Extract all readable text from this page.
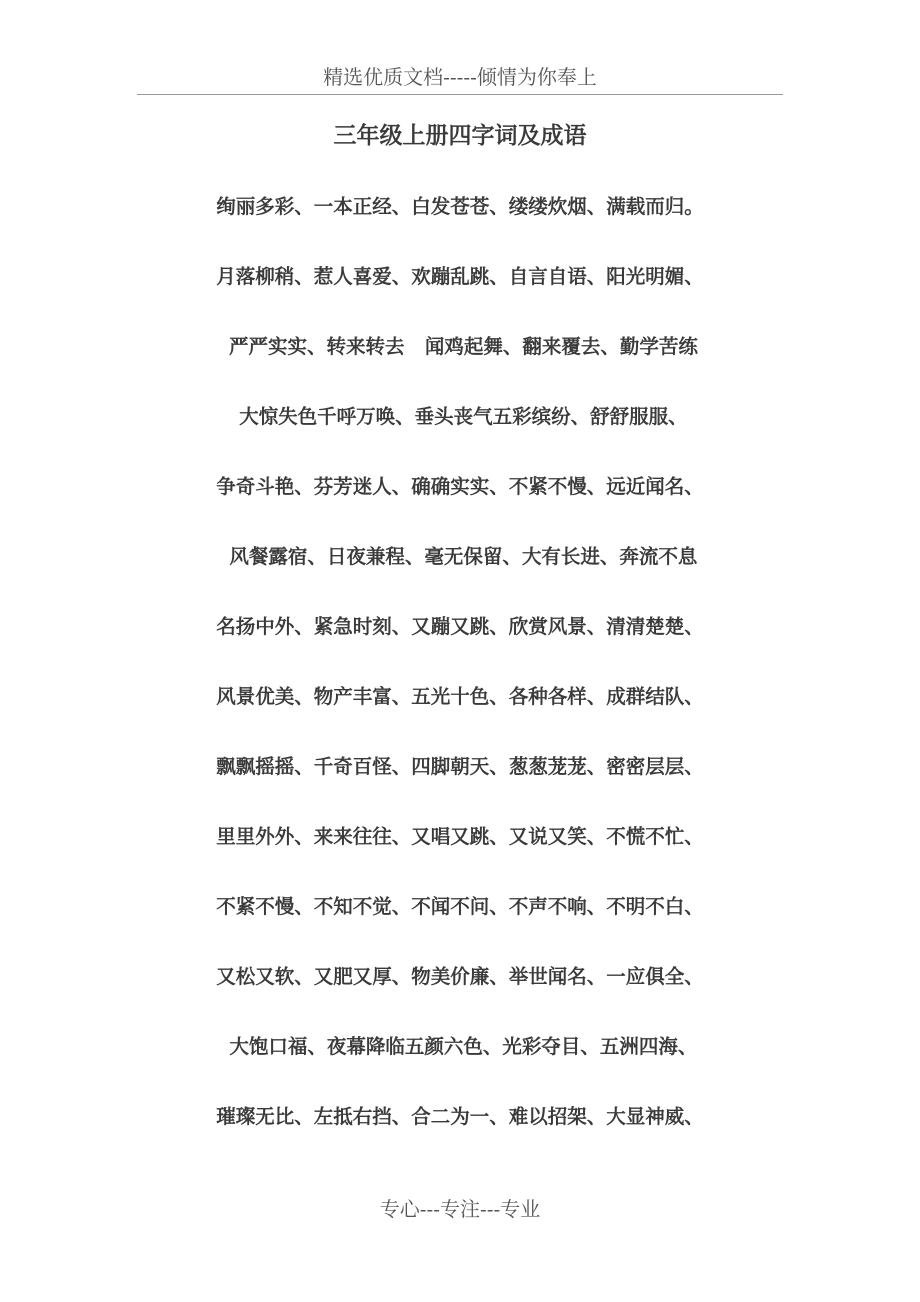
精选优质文档-----倾情为你奉上
三年级上册四字词及成语
绚丽多彩、一本正经、白发苍苍、缕缕炊烟、满载而归。
月落柳稍、惹人喜爱、欢蹦乱跳、自言自语、阳光明媚、
严严实实、转来转去   闻鸡起舞、翻来覆去、勤学苦练
大惊失色千呼万唤、垂头丧气五彩缤纷、舒舒服服、
争奇斗艳、芬芳迷人、确确实实、不紧不慢、远近闻名、
风餐露宿、日夜兼程、毫无保留、大有长进、奔流不息
名扬中外、紧急时刻、又蹦又跳、欣赏风景、清清楚楚、
风景优美、物产丰富、五光十色、各种各样、成群结队、
飘飘摇摇、千奇百怪、四脚朝天、葱葱茏茏、密密层层、
里里外外、来来往往、又唱又跳、又说又笑、不慌不忙、
不紧不慢、不知不觉、不闻不问、不声不响、不明不白、
又松又软、又肥又厚、物美价廉、举世闻名、一应俱全、
大饱口福、夜幕降临五颜六色、光彩夺目、五洲四海、
璀璨无比、左抵右挡、合二为一、难以招架、大显神威、
专心---专注---专业
